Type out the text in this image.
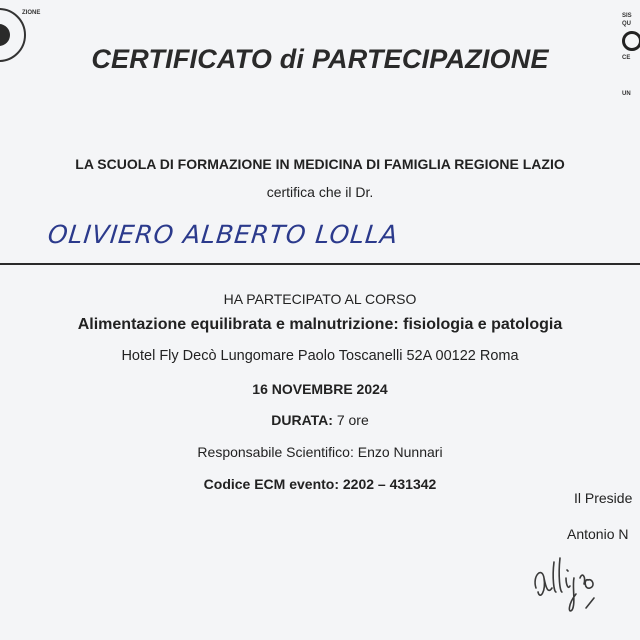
ZIONE	SIS
QU
CE
UN
CERTIFICATO di PARTECIPAZIONE
LA SCUOLA DI FORMAZIONE IN MEDICINA DI FAMIGLIA REGIONE LAZIO
certifica che il Dr.
OLIVIERO ALBERTO LOLLA
HA PARTECIPATO AL CORSO
Alimentazione equilibrata e malnutrizione: fisiologia e patologia
Hotel Fly Decò Lungomare Paolo Toscanelli 52A 00122 Roma
16 NOVEMBRE 2024
DURATA: 7 ore
Responsabile Scientifico: Enzo Nunnari
Codice ECM evento: 2202 – 431342
Il Preside
Antonio N
